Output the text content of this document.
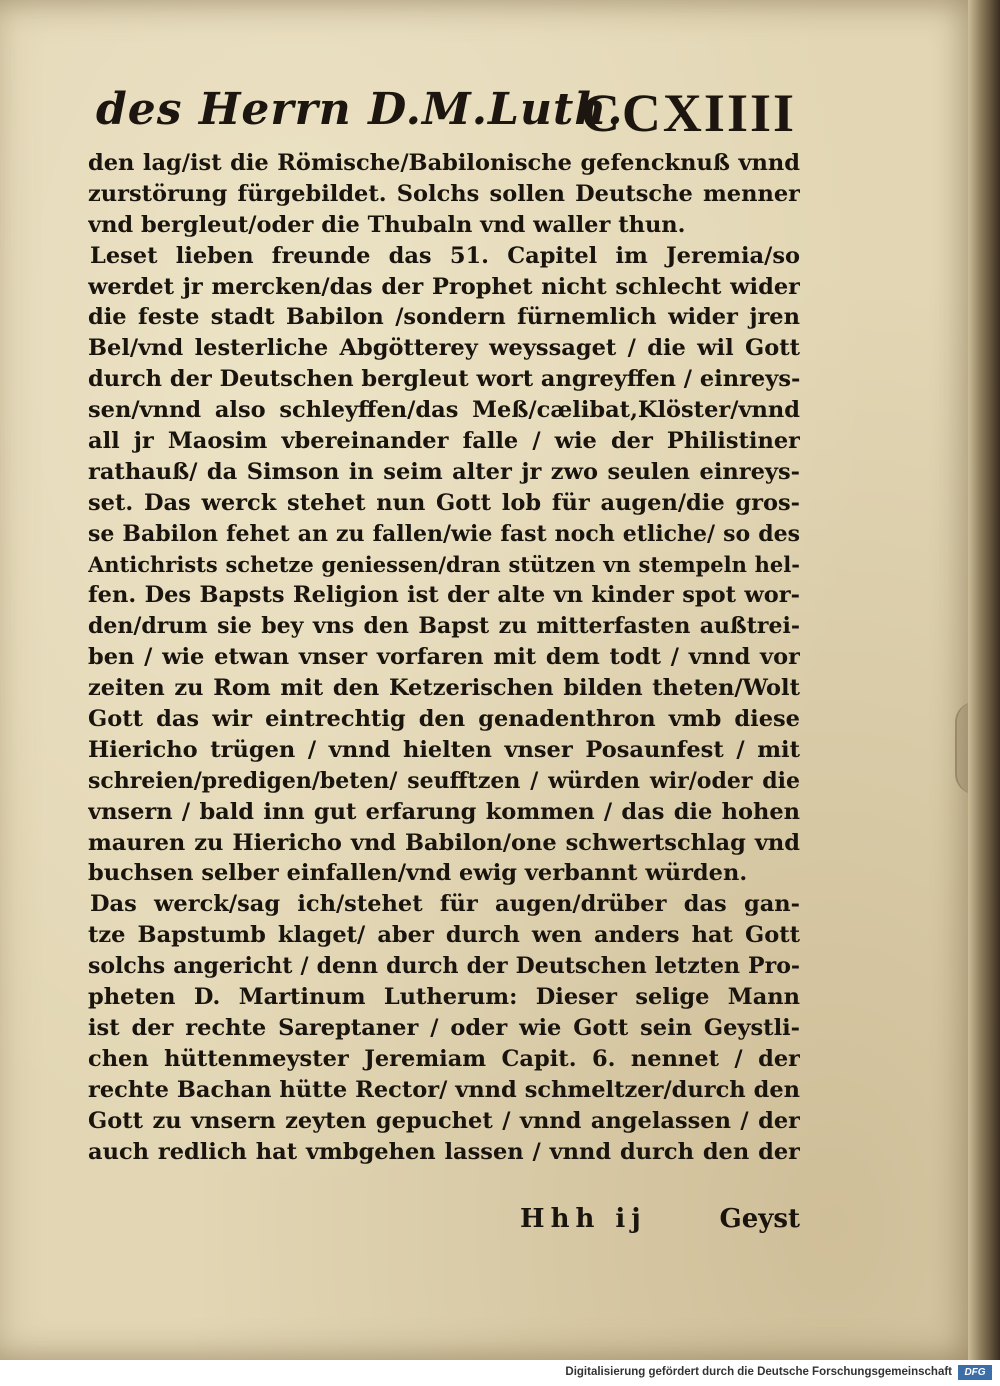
des Herrn D.M.Luth.
CCXIIII
den lag/ist die Römische/Babilonische gefencknuß vnnd
zurstörung fürgebildet. Solchs sollen Deutsche menner
vnd bergleut/oder die Thubaln vnd waller thun.
Leset lieben freunde das 51. Capitel im Jeremia/so
werdet jr mercken/das der Prophet nicht schlecht wider
die feste stadt Babilon /sondern fürnemlich wider jren
Bel/vnd lesterliche Abgötterey weyssaget / die wil Gott
durch der Deutschen bergleut wort angreyffen / einreys-
sen/vnnd also schleyffen/das Meß/cælibat,Klöster/vnnd
all jr Maosim vbereinander falle / wie der Philistiner
rathauß/ da Simson in seim alter jr zwo seulen einreys-
set. Das werck stehet nun Gott lob für augen/die gros-
se Babilon fehet an zu fallen/wie fast noch etliche/ so des
Antichrists schetze geniessen/dran stützen vn stempeln hel-
fen. Des Bapsts Religion ist der alte vn kinder spot wor-
den/drum sie bey vns den Bapst zu mitterfasten außtrei-
ben / wie etwan vnser vorfaren mit dem todt / vnnd vor
zeiten zu Rom mit den Ketzerischen bilden theten/Wolt
Gott das wir eintrechtig den genadenthron vmb diese
Hiericho trügen / vnnd hielten vnser Posaunfest / mit
schreien/predigen/beten/ seufftzen / würden wir/oder die
vnsern / bald inn gut erfarung kommen / das die hohen
mauren zu Hiericho vnd Babilon/one schwertschlag vnd
buchsen selber einfallen/vnd ewig verbannt würden.
Das werck/sag ich/stehet für augen/drüber das gan-
tze Bapstumb klaget/ aber durch wen anders hat Gott
solchs angericht / denn durch der Deutschen letzten Pro-
pheten D. Martinum Lutherum: Dieser selige Mann
ist der rechte Sareptaner / oder wie Gott sein Geystli-
chen hüttenmeyster Jeremiam Capit. 6. nennet / der
rechte Bachan hütte Rector/ vnnd schmeltzer/durch den
Gott zu vnsern zeyten gepuchet / vnnd angelassen / der
auch redlich hat vmbgehen lassen / vnnd durch den der
Hhh ij	Geyst
Digitalisierung gefördert durch die Deutsche Forschungsgemeinschaft	DFG
